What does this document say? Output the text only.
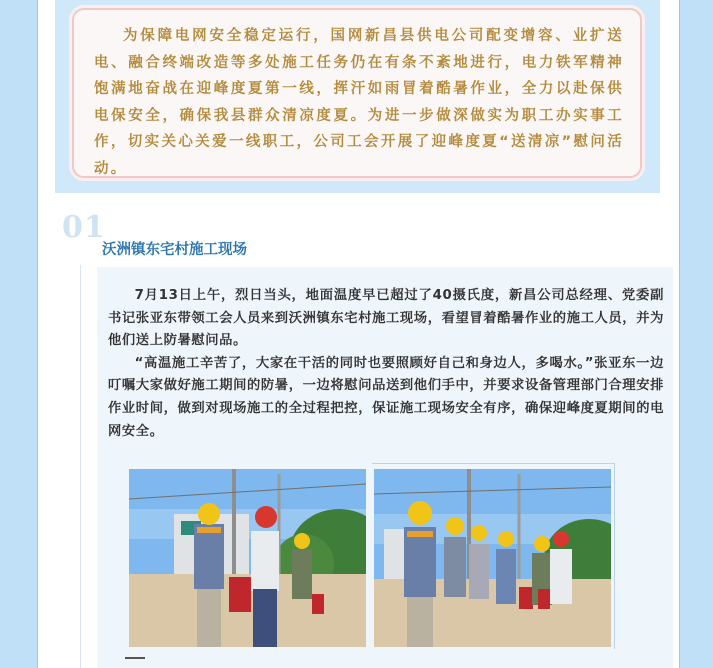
为保障电网安全稳定运行，国网新昌县供电公司配变增容、业扩送电、融合终端改造等多处施工任务仍在有条不紊地进行，电力铁军精神饱满地奋战在迎峰度夏第一线，挥汗如雨冒着酷暑作业，全力以赴保供电保安全，确保我县群众清凉度夏。为进一步做深做实为职工办实事工作，切实关心关爱一线职工，公司工会开展了迎峰度夏“送清凉”慰问活动。

01
沃洲镇东宅村施工现场

7月13日上午，烈日当头，地面温度早已超过了40摄氏度，新昌公司总经理、党委副书记张亚东带领工会人员来到沃洲镇东宅村施工现场，看望冒着酷暑作业的施工人员，并为他们送上防暑慰问品。

“高温施工辛苦了，大家在干活的同时也要照顾好自己和身边人，多喝水。”张亚东一边叮嘱大家做好施工期间的防暑，一边将慰问品送到他们手中，并要求设备管理部门合理安排作业时间，做到对现场施工的全过程把控，保证施工现场安全有序，确保迎峰度夏期间的电网安全。
